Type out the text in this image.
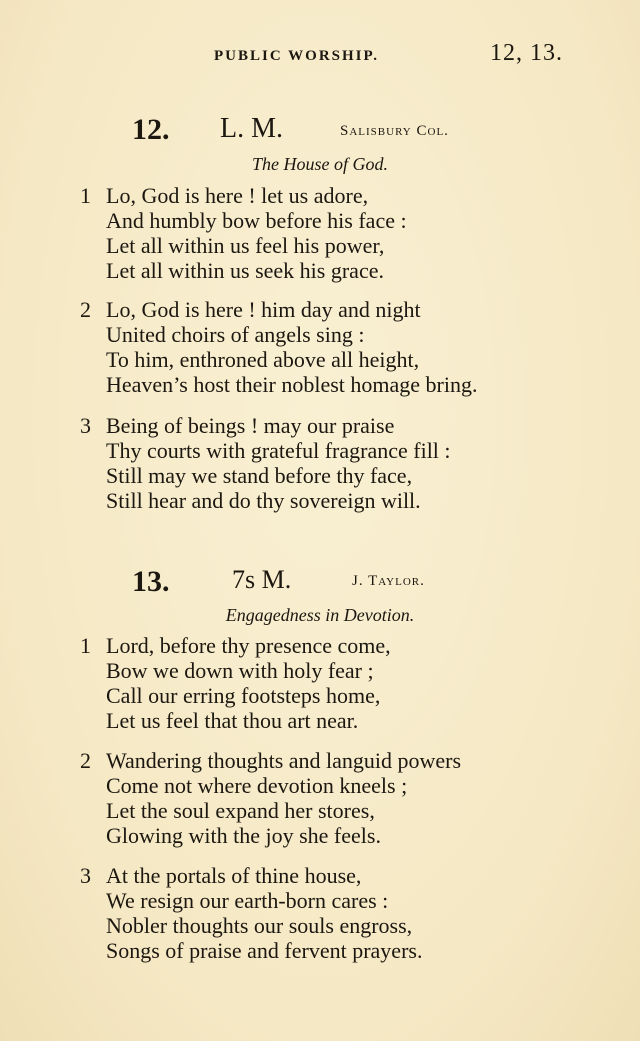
PUBLIC WORSHIP.	12, 13.
12. L. M.	Salisbury Col.
The House of God.
1 Lo, God is here ! let us adore,
And humbly bow before his face :
Let all within us feel his power,
Let all within us seek his grace.
2 Lo, God is here ! him day and night
United choirs of angels sing :
To him, enthroned above all height,
Heaven’s host their noblest homage bring.
3 Being of beings ! may our praise
Thy courts with grateful fragrance fill :
Still may we stand before thy face,
Still hear and do thy sovereign will.
13. 7s M.	J. Taylor.
Engagedness in Devotion.
1 Lord, before thy presence come,
Bow we down with holy fear ;
Call our erring footsteps home,
Let us feel that thou art near.
2 Wandering thoughts and languid powers
Come not where devotion kneels ;
Let the soul expand her stores,
Glowing with the joy she feels.
3 At the portals of thine house,
We resign our earth-born cares :
Nobler thoughts our souls engross,
Songs of praise and fervent prayers.
